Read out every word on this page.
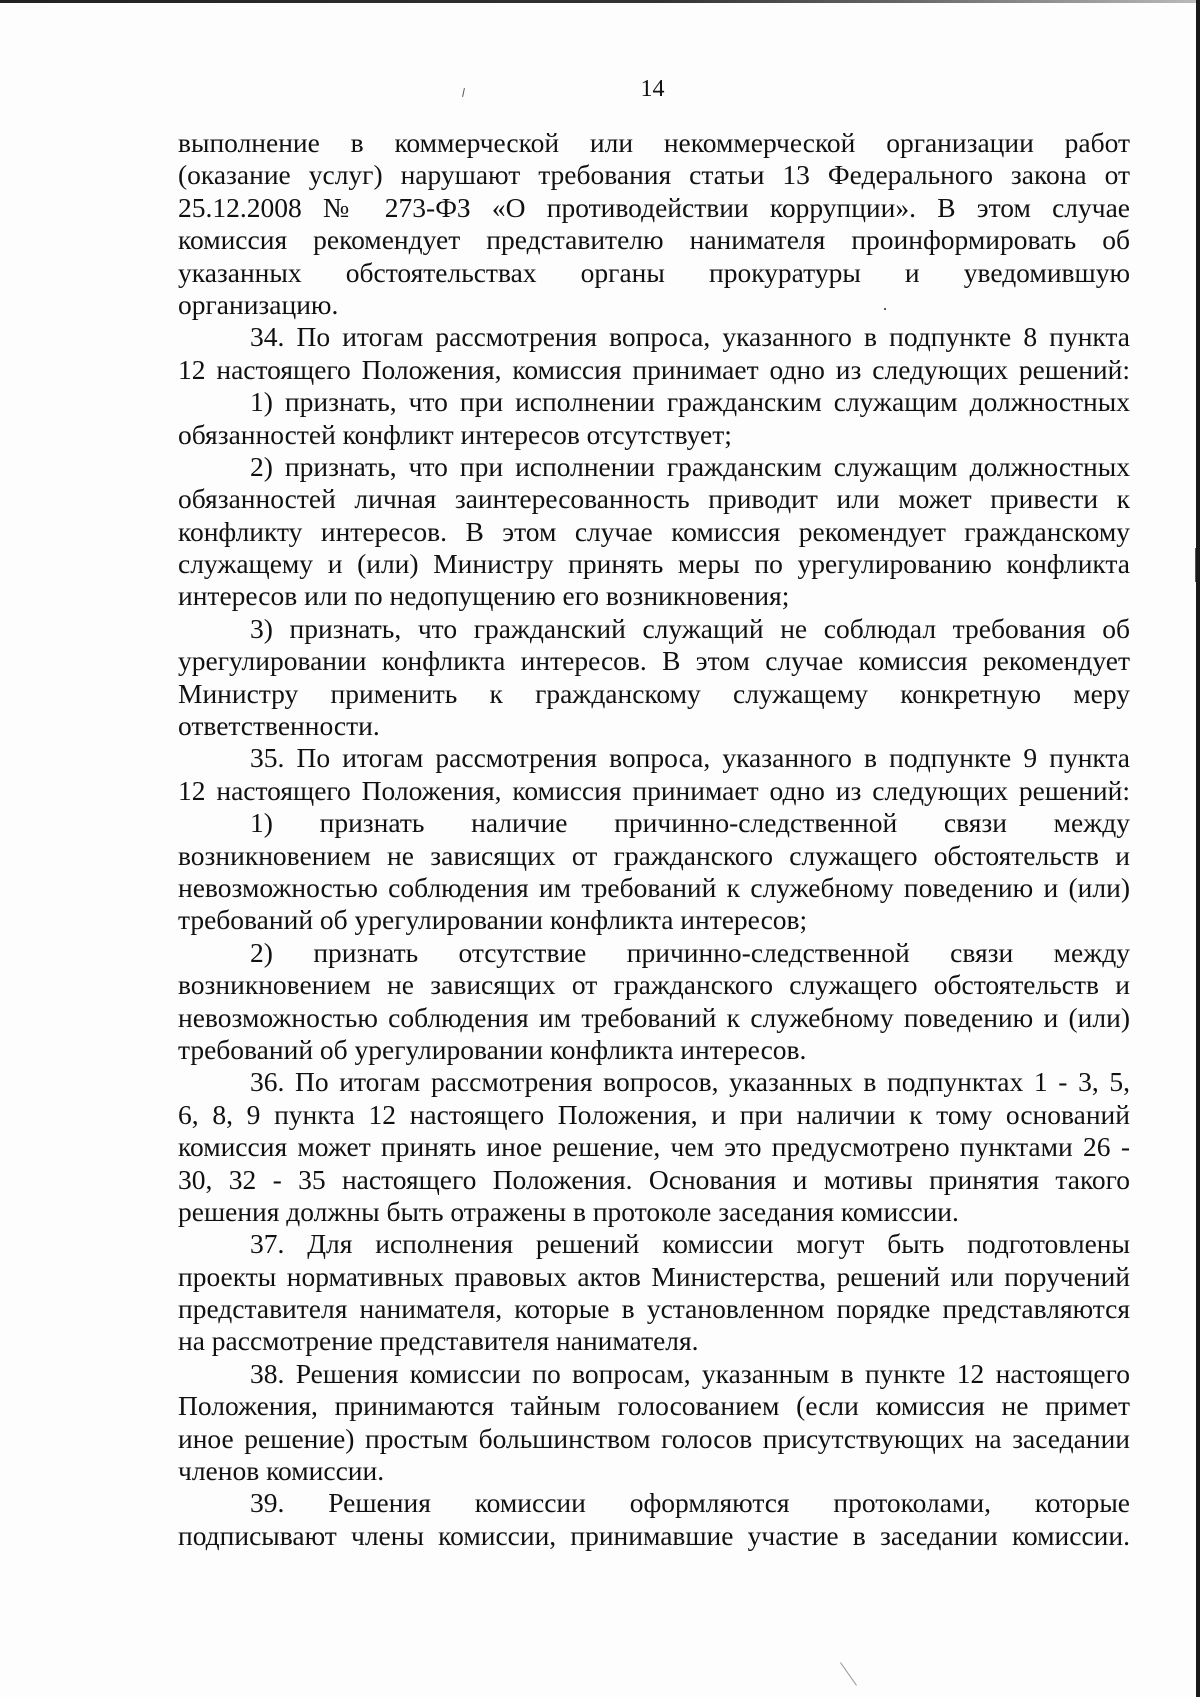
14
выполнение в коммерческой или некоммерческой организации работ
(оказание услуг) нарушают требования статьи 13 Федерального закона от
25.12.2008 № 273-ФЗ «О противодействии коррупции». В этом случае
комиссия рекомендует представителю нанимателя проинформировать об
указанных обстоятельствах органы прокуратуры и уведомившую
организацию.
34. По итогам рассмотрения вопроса, указанного в подпункте 8 пункта
12 настоящего Положения, комиссия принимает одно из следующих решений:
1) признать, что при исполнении гражданским служащим должностных
обязанностей конфликт интересов отсутствует;
2) признать, что при исполнении гражданским служащим должностных
обязанностей личная заинтересованность приводит или может привести к
конфликту интересов. В этом случае комиссия рекомендует гражданскому
служащему и (или) Министру принять меры по урегулированию конфликта
интересов или по недопущению его возникновения;
3) признать, что гражданский служащий не соблюдал требования об
урегулировании конфликта интересов. В этом случае комиссия рекомендует
Министру применить к гражданскому служащему конкретную меру
ответственности.
35. По итогам рассмотрения вопроса, указанного в подпункте 9 пункта
12 настоящего Положения, комиссия принимает одно из следующих решений:
1) признать наличие причинно-следственной связи между
возникновением не зависящих от гражданского служащего обстоятельств и
невозможностью соблюдения им требований к служебному поведению и (или)
требований об урегулировании конфликта интересов;
2) признать отсутствие причинно-следственной связи между
возникновением не зависящих от гражданского служащего обстоятельств и
невозможностью соблюдения им требований к служебному поведению и (или)
требований об урегулировании конфликта интересов.
36. По итогам рассмотрения вопросов, указанных в подпунктах 1 - 3, 5,
6, 8, 9 пункта 12 настоящего Положения, и при наличии к тому оснований
комиссия может принять иное решение, чем это предусмотрено пунктами 26 -
30, 32 - 35 настоящего Положения. Основания и мотивы принятия такого
решения должны быть отражены в протоколе заседания комиссии.
37. Для исполнения решений комиссии могут быть подготовлены
проекты нормативных правовых актов Министерства, решений или поручений
представителя нанимателя, которые в установленном порядке представляются
на рассмотрение представителя нанимателя.
38. Решения комиссии по вопросам, указанным в пункте 12 настоящего
Положения, принимаются тайным голосованием (если комиссия не примет
иное решение) простым большинством голосов присутствующих на заседании
членов комиссии.
39. Решения комиссии оформляются протоколами, которые
подписывают члены комиссии, принимавшие участие в заседании комиссии.
